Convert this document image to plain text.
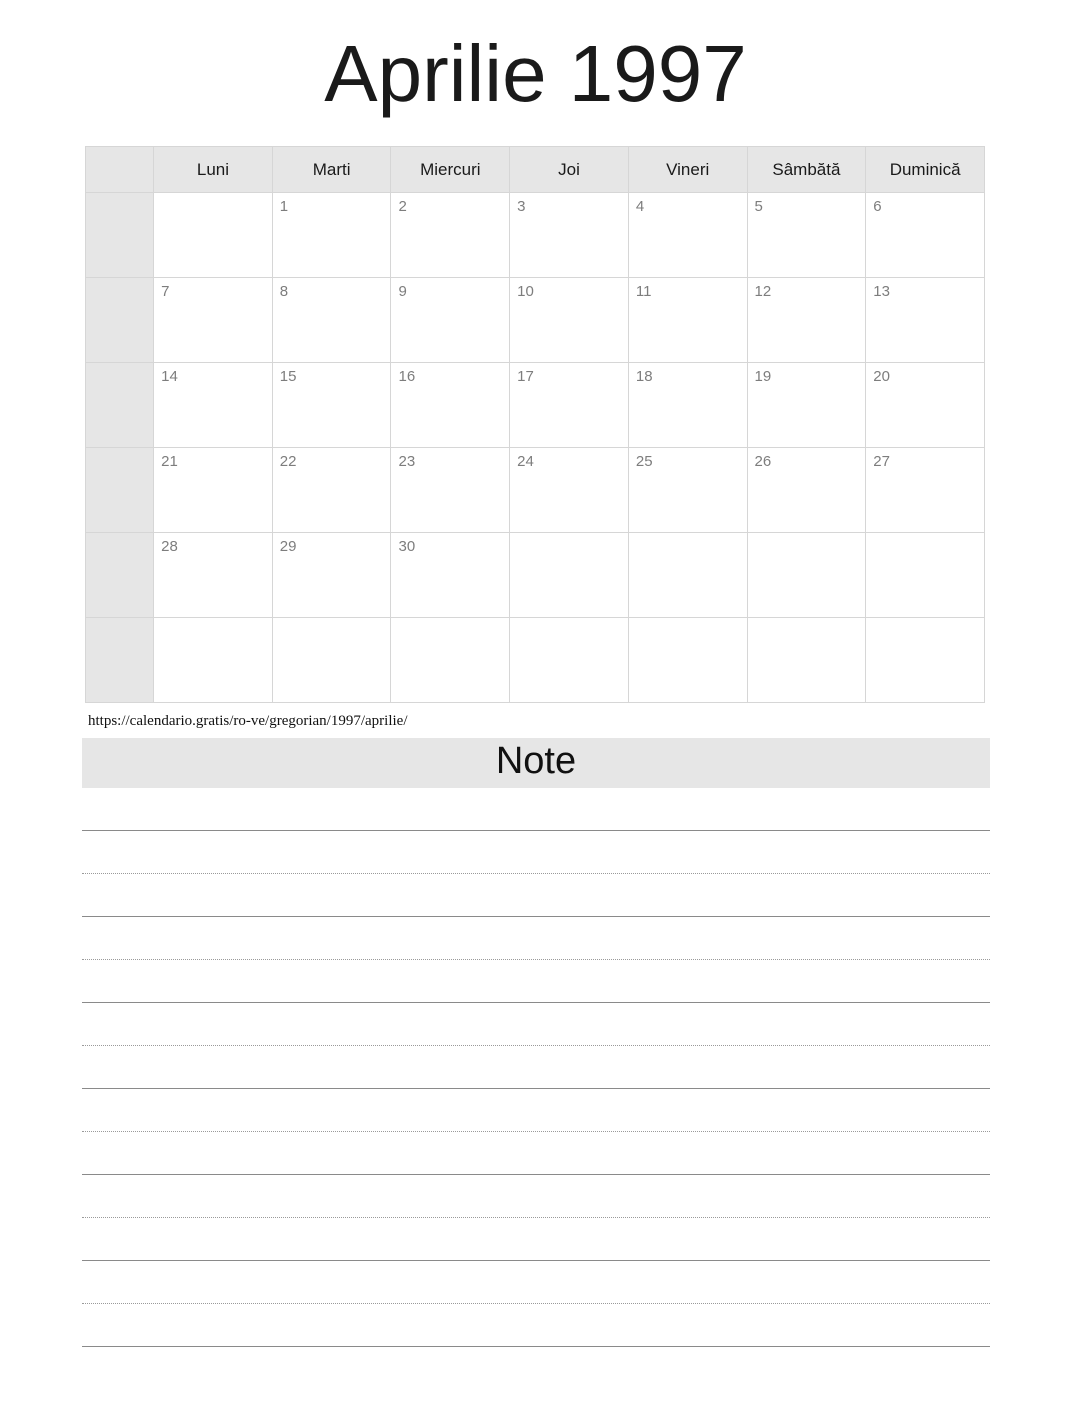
Aprilie 1997
	Luni	Marti	Miercuri	Joi	Vineri	Sâmbătă	Duminică

		1	2	3	4	5	6

	7	8	9	10	11	12	13

	14	15	16	17	18	19	20

	21	22	23	24	25	26	27

	28	29	30				

https://calendario.gratis/ro-ve/gregorian/1997/aprilie/
Note
